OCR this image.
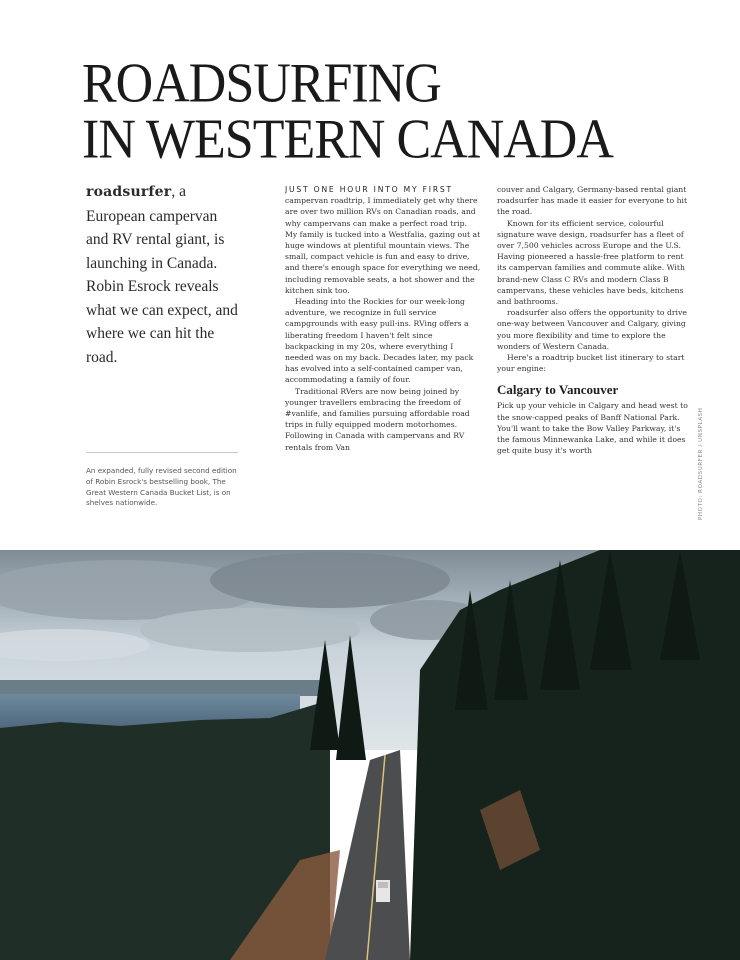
ROADSURFING
IN WESTERN CANADA
roadsurfer, a European campervan and RV rental giant, is launching in Canada. Robin Esrock reveals what we can expect, and where we can hit the road.
An expanded, fully revised second edition of Robin Esrock's bestselling book, The Great Western Canada Bucket List, is on shelves nationwide.

JUST ONE HOUR INTO MY FIRST campervan roadtrip, I immediately get why there are over two million RVs on Canadian roads, and why campervans can make a perfect road trip. My family is tucked into a Westfalia, gazing out at huge windows at plentiful mountain views. The small, compact vehicle is fun and easy to drive, and there's enough space for everything we need, including removable seats, a hot shower and the kitchen sink too.

Heading into the Rockies for our week-long adventure, we recognize in full service campgrounds with easy pull-ins. RVing offers a liberating freedom I haven't felt since backpacking in my 20s, where everything I needed was on my back. Decades later, my pack has evolved into a self-contained camper van, accommodating a family of four.

Traditional RVers are now being joined by younger travellers embracing the freedom of #vanlife, and families pursuing affordable road trips in fully equipped modern motorhomes. Following in Canada with campervans and RV rentals from Van

couver and Calgary, Germany-based rental giant roadsurfer has made it easier for everyone to hit the road.

Known for its efficient service, colourful signature wave design, roadsurfer has a fleet of over 7,500 vehicles across Europe and the U.S. Having pioneered a hassle-free platform to rent its campervan families and commute alike. With brand-new Class C RVs and modern Class B campervans, these vehicles have beds, kitchens and bathrooms.

roadsurfer also offers the opportunity to drive one-way between Vancouver and Calgary, giving you more flexibility and time to explore the wonders of Western Canada.

Here's a roadtrip bucket list itinerary to start your engine:

Calgary to Vancouver

Pick up your vehicle in Calgary and head west to the snow-capped peaks of Banff National Park. You'll want to take the Bow Valley Parkway, it's the famous Minnewanka Lake, and while it does get quite busy it's worth	PHOTO: ROADSURFER / UNSPLASH
